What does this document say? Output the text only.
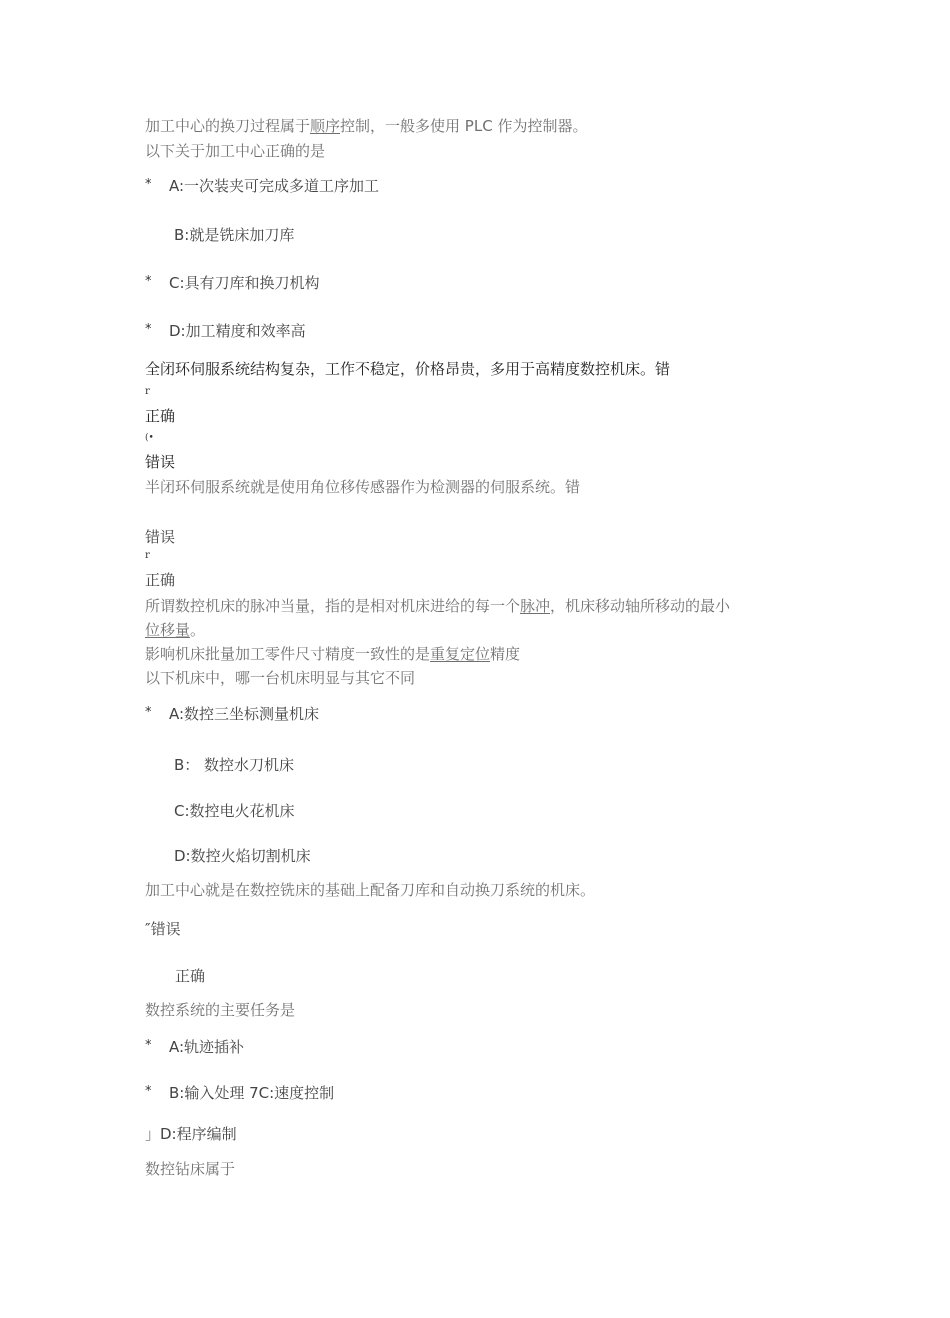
加工中心的换刀过程属于顺序控制，一般多使用 PLC 作为控制器。
以下关于加工中心正确的是
* A:一次装夹可完成多道工序加工
B:就是铣床加刀库
* C:具有刀库和换刀机构
* D:加工精度和效率高
全闭环伺服系统结构复杂，工作不稳定，价格昂贵，多用于高精度数控机床。错
r
正确
(•
错误
半闭环伺服系统就是使用角位移传感器作为检测器的伺服系统。错
错误
r
正确
所谓数控机床的脉冲当量，指的是相对机床进给的每一个脉冲，机床移动轴所移动的最小
位移量。
影响机床批量加工零件尺寸精度一致性的是重复定位精度
以下机床中，哪一台机床明显与其它不同
* A:数控三坐标测量机床
B： 数控水刀机床
C:数控电火花机床
D:数控火焰切割机床
加工中心就是在数控铣床的基础上配备刀库和自动换刀系统的机床。
″错误
正确
数控系统的主要任务是
* A:轨迹插补
* B:输入处理 7C:速度控制
」D:程序编制
数控钻床属于
